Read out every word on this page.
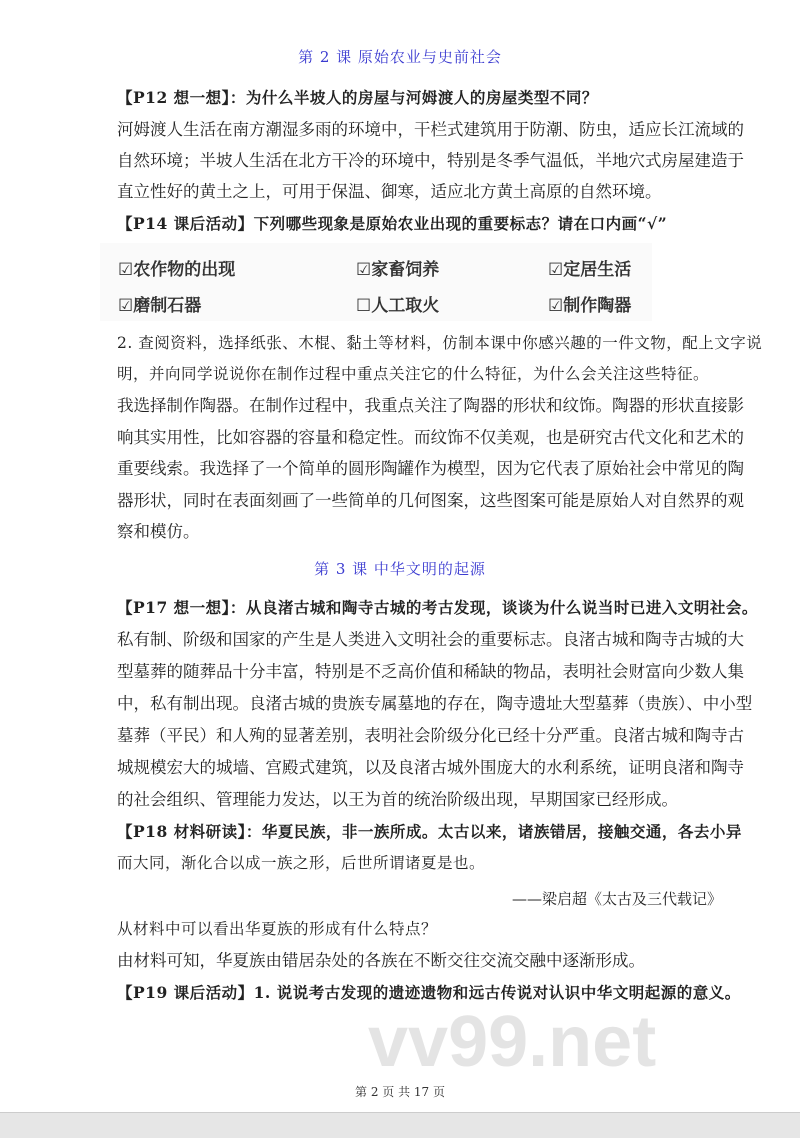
第 2 课 原始农业与史前社会
【P12 想一想】：为什么半坡人的房屋与河姆渡人的房屋类型不同？
河姆渡人生活在南方潮湿多雨的环境中，干栏式建筑用于防潮、防虫，适应长江流域的
自然环境；半坡人生活在北方干冷的环境中，特别是冬季气温低，半地穴式房屋建造于
直立性好的黄土之上，可用于保温、御寒，适应北方黄土高原的自然环境。
【P14 课后活动】下列哪些现象是原始农业出现的重要标志？请在口内画“√”
☑农作物的出现	☑家畜饲养	☑定居生活
☑磨制石器	☐人工取火	☑制作陶器
2. 查阅资料，选择纸张、木棍、黏土等材料，仿制本课中你感兴趣的一件文物，配上文字说
明，并向同学说说你在制作过程中重点关注它的什么特征，为什么会关注这些特征。
我选择制作陶器。在制作过程中，我重点关注了陶器的形状和纹饰。陶器的形状直接影
响其实用性，比如容器的容量和稳定性。而纹饰不仅美观，也是研究古代文化和艺术的
重要线索。我选择了一个简单的圆形陶罐作为模型，因为它代表了原始社会中常见的陶
器形状，同时在表面刻画了一些简单的几何图案，这些图案可能是原始人对自然界的观
察和模仿。
第 3 课 中华文明的起源
【P17 想一想】：从良渚古城和陶寺古城的考古发现，谈谈为什么说当时已进入文明社会。
私有制、阶级和国家的产生是人类进入文明社会的重要标志。良渚古城和陶寺古城的大
型墓葬的随葬品十分丰富，特别是不乏高价值和稀缺的物品，表明社会财富向少数人集
中，私有制出现。良渚古城的贵族专属墓地的存在，陶寺遗址大型墓葬（贵族）、中小型
墓葬（平民）和人殉的显著差别，表明社会阶级分化已经十分严重。良渚古城和陶寺古
城规模宏大的城墙、宫殿式建筑，以及良渚古城外围庞大的水利系统，证明良渚和陶寺
的社会组织、管理能力发达，以王为首的统治阶级出现，早期国家已经形成。
【P18 材料研读】：华夏民族，非一族所成。太古以来，诸族错居，接触交通，各去小异
而大同，渐化合以成一族之形，后世所谓诸夏是也。
——梁启超《太古及三代载记》
从材料中可以看出华夏族的形成有什么特点？
由材料可知，华夏族由错居杂处的各族在不断交往交流交融中逐渐形成。
【P19 课后活动】1. 说说考古发现的遗迹遗物和远古传说对认识中华文明起源的意义。
vv99.net
第 2 页 共 17 页
